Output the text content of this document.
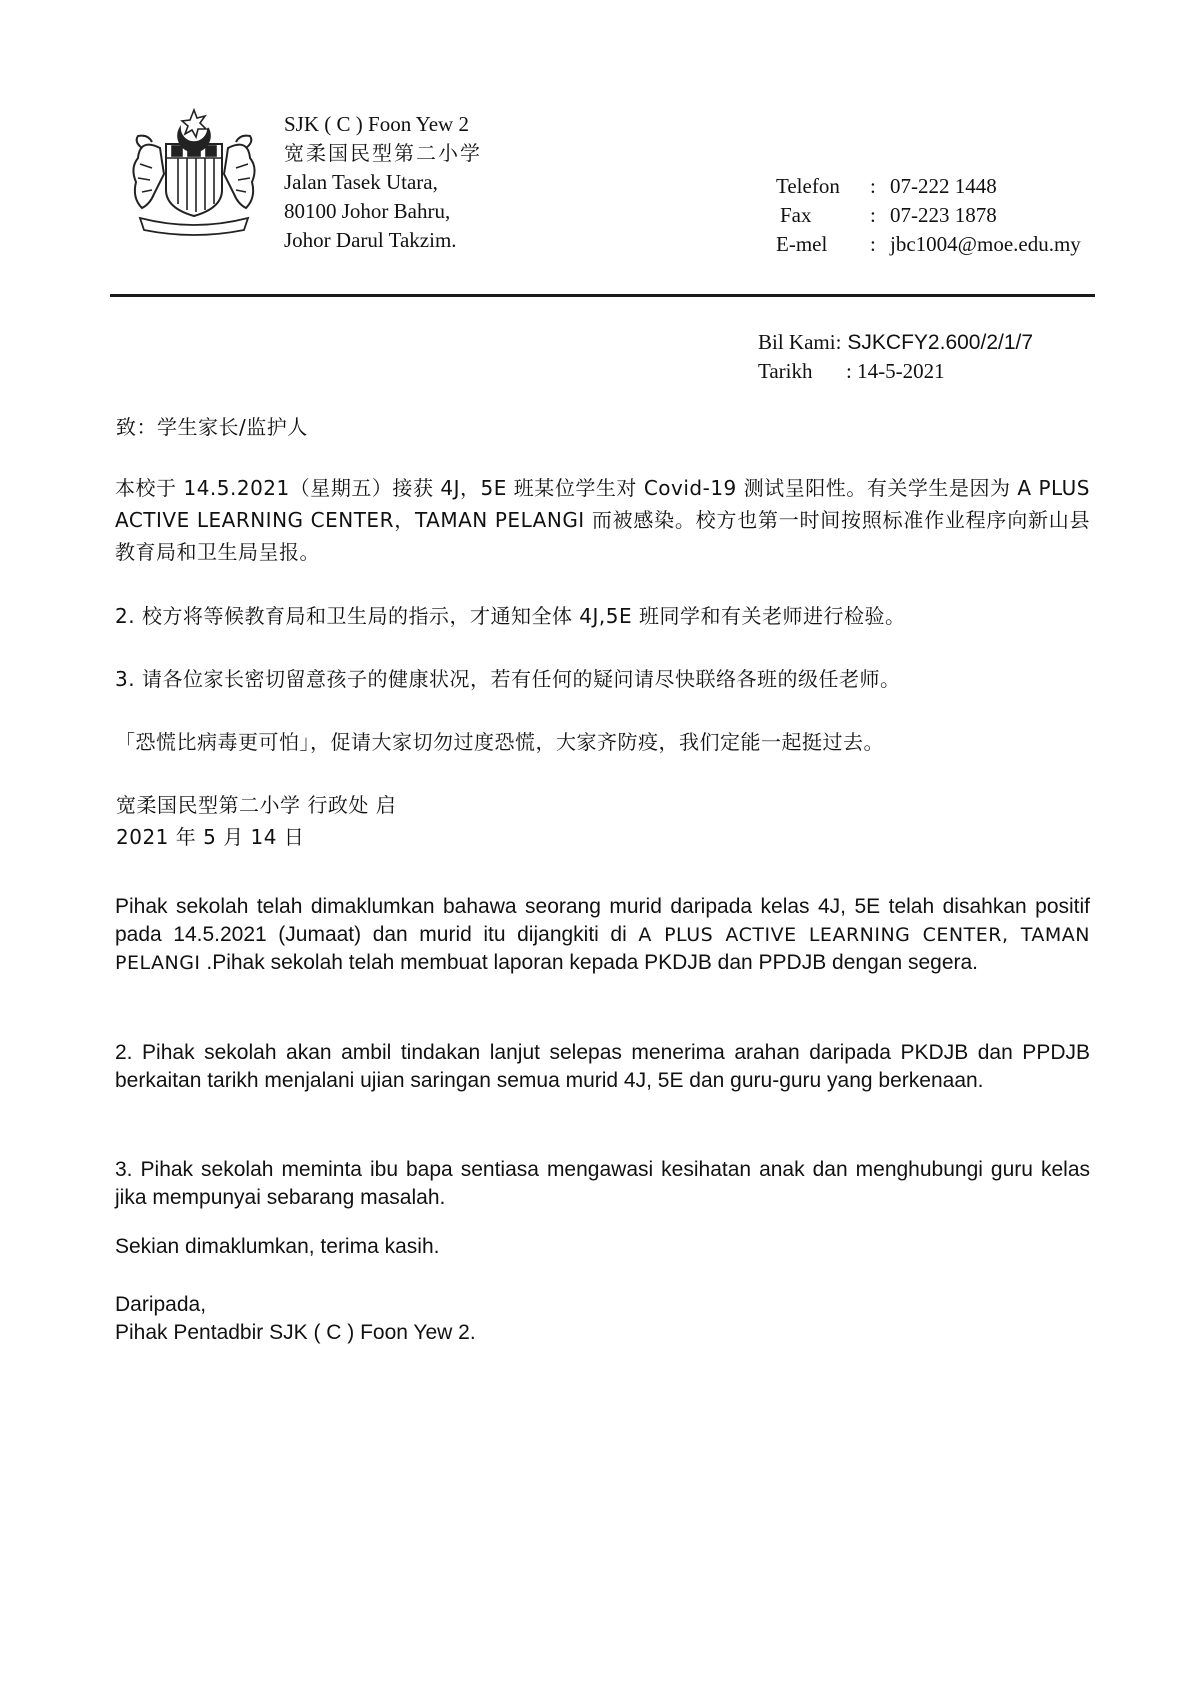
SJK ( C ) Foon Yew 2
宽柔国民型第二小学
Jalan Tasek Utara,
80100 Johor Bahru,
Johor Darul Takzim.
Telefon	: 07-222 1448
Fax	: 07-223 1878
E-mel	: jbc1004@moe.edu.my
Bil Kami: SJKCFY2.600/2/1/7
Tarikh	: 14-5-2021
致：学生家长/监护人
本校于 14.5.2021（星期五）接获 4J，5E 班某位学生对 Covid-19 测试呈阳性。有关学生是因为 A PLUS ACTIVE LEARNING CENTER，TAMAN PELANGI 而被感染。校方也第一时间按照标准作业程序向新山县教育局和卫生局呈报。
2. 校方将等候教育局和卫生局的指示，才通知全体 4J,5E 班同学和有关老师进行检验。
3. 请各位家长密切留意孩子的健康状况，若有任何的疑问请尽快联络各班的级任老师。
「恐慌比病毒更可怕」，促请大家切勿过度恐慌，大家齐防疫，我们定能一起挺过去。
宽柔国民型第二小学 行政处 启
2021 年 5 月 14 日
Pihak sekolah telah dimaklumkan bahawa seorang murid daripada kelas 4J, 5E telah disahkan positif pada 14.5.2021 (Jumaat) dan murid itu dijangkiti di A PLUS ACTIVE LEARNING CENTER, TAMAN PELANGI .Pihak sekolah telah membuat laporan kepada PKDJB dan PPDJB dengan segera.
2. Pihak sekolah akan ambil tindakan lanjut selepas menerima arahan daripada PKDJB dan PPDJB berkaitan tarikh menjalani ujian saringan semua murid 4J, 5E dan guru-guru yang berkenaan.
3. Pihak sekolah meminta ibu bapa sentiasa mengawasi kesihatan anak dan menghubungi guru kelas jika mempunyai sebarang masalah.
Sekian dimaklumkan, terima kasih.
Daripada,
Pihak Pentadbir SJK ( C ) Foon Yew 2.
